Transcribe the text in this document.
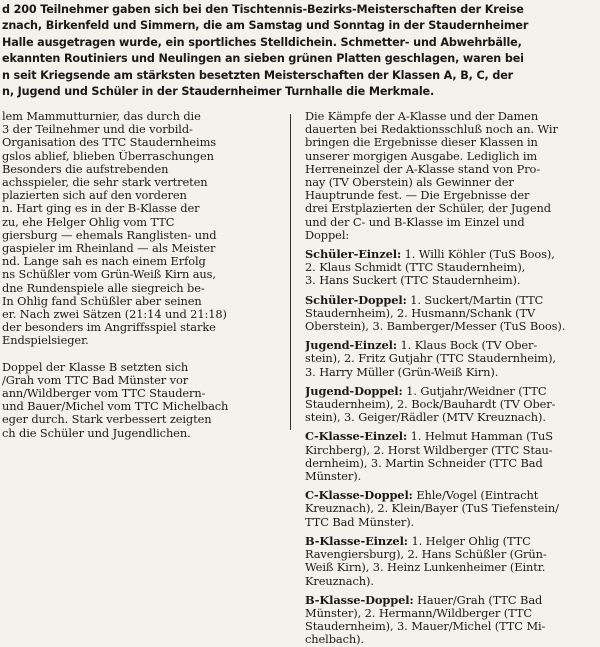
d 200 Teilnehmer gaben sich bei den Tischtennis-Bezirks-Meisterschaften der Kreise
znach, Birkenfeld und Simmern, die am Samstag und Sonntag in der Staudernheimer
Halle ausgetragen wurde, ein sportliches Stelldichein. Schmetter- und Abwehrbälle,
ekannten Routiniers und Neulingen an sieben grünen Platten geschlagen, waren bei
n seit Kriegsende am stärksten besetzten Meisterschaften der Klassen A, B, C, der
n, Jugend und Schüler in der Staudernheimer Turnhalle die Merkmale.
lem Mammutturnier, das durch die
3 der Teilnehmer und die vorbild-
Organisation des TTC Staudernheims
gslos ablief, blieben Überraschungen
Besonders die aufstrebenden
achsspieler, die sehr stark vertreten
plazierten sich auf den vorderen
n. Hart ging es in der B-Klasse der
zu, ehe Helger Ohlig vom TTC
giersburg — ehemals Ranglisten- und
gaspieler im Rheinland — als Meister
nd. Lange sah es nach einem Erfolg
ns Schüßler vom Grün-Weiß Kirn aus,
dne Rundenspiele alle siegreich be-
In Ohlig fand Schüßler aber seinen
er. Nach zwei Sätzen (21:14 und 21:18)
der besonders im Angriffsspiel starke
Endspielsieger.
Doppel der Klasse B setzten sich
/Grah vom TTC Bad Münster vor
ann/Wildberger vom TTC Staudern-
und Bauer/Michel vom TTC Michelbach
eger durch. Stark verbessert zeigten
ch die Schüler und Jugendlichen.
Die Kämpfe der A-Klasse und der Damen
dauerten bei Redaktionsschluß noch an. Wir
bringen die Ergebnisse dieser Klassen in
unserer morgigen Ausgabe. Lediglich im
Herreneinzel der A-Klasse stand von Pro-
nay (TV Oberstein) als Gewinner der
Hauptrunde fest. — Die Ergebnisse der
drei Erstplazierten der Schüler, der Jugend
und der C- und B-Klasse im Einzel und
Doppel:
Schüler-Einzel: 1. Willi Köhler (TuS Boos),
2. Klaus Schmidt (TTC Staudernheim),
3. Hans Suckert (TTC Staudernheim).
Schüler-Doppel: 1. Suckert/Martin (TTC
Staudernheim), 2. Husmann/Schank (TV
Oberstein), 3. Bamberger/Messer (TuS Boos).
Jugend-Einzel: 1. Klaus Bock (TV Ober-
stein), 2. Fritz Gutjahr (TTC Staudernheim),
3. Harry Müller (Grün-Weiß Kirn).
Jugend-Doppel: 1. Gutjahr/Weidner (TTC
Staudernheim), 2. Bock/Bauhardt (TV Ober-
stein), 3. Geiger/Rädler (MTV Kreuznach).
C-Klasse-Einzel: 1. Helmut Hamman (TuS
Kirchberg), 2. Horst Wildberger (TTC Stau-
dernheim), 3. Martin Schneider (TTC Bad
Münster).
C-Klasse-Doppel: Ehle/Vogel (Eintracht
Kreuznach), 2. Klein/Bayer (TuS Tiefenstein/
TTC Bad Münster).
B-Klasse-Einzel: 1. Helger Ohlig (TTC
Ravengiersburg), 2. Hans Schüßler (Grün-
Weiß Kirn), 3. Heinz Lunkenheimer (Eintr.
Kreuznach).
B-Klasse-Doppel: Hauer/Grah (TTC Bad
Münster), 2. Hermann/Wildberger (TTC
Staudernheim), 3. Mauer/Michel (TTC Mi-
chelbach).
